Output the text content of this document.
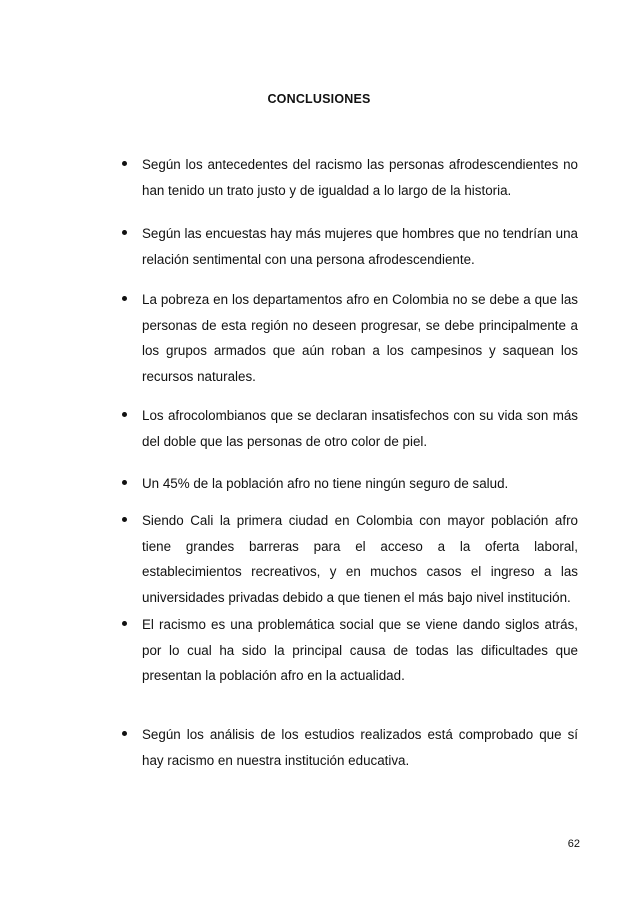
CONCLUSIONES
Según los antecedentes del racismo las personas afrodescendientes no han tenido un trato justo y de igualdad a lo largo de la historia.
Según las encuestas hay más mujeres que hombres que no tendrían una relación sentimental con una persona afrodescendiente.
La pobreza en los departamentos afro en Colombia no se debe a que las personas de esta región no deseen progresar, se debe principalmente a los grupos armados que aún roban a los campesinos y saquean los recursos naturales.
Los afrocolombianos que se declaran insatisfechos con su vida son más del doble que las personas de otro color de piel.
Un 45% de la población afro no tiene ningún seguro de salud.
Siendo Cali la primera ciudad en Colombia con mayor población afro tiene grandes barreras para el acceso a la oferta laboral, establecimientos recreativos, y en muchos casos el ingreso a las universidades privadas debido a que tienen el más bajo nivel institución.
El racismo es una problemática social que se viene dando siglos atrás, por lo cual ha sido la principal causa de todas las dificultades que presentan la población afro en la actualidad.
Según los análisis de los estudios realizados está comprobado que sí hay racismo en nuestra institución educativa.
62
